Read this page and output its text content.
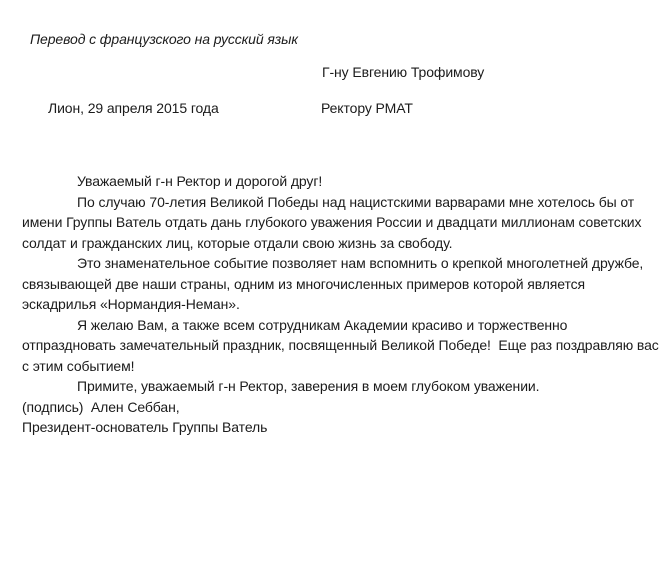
Перевод с французского на русский язык
Г-ну Евгению Трофимову
Лион, 29 апреля 2015 года	Ректору РМАТ

Уважаемый г-н Ректор и дорогой друг!

По случаю 70-летия Великой Победы над нацистскими варварами мне хотелось бы от имени Группы Ватель отдать дань глубокого уважения России и двадцати миллионам советских солдат и гражданских лиц, которые отдали свою жизнь за свободу.

Это знаменательное событие позволяет нам вспомнить о крепкой многолетней дружбе, связывающей две наши страны, одним из многочисленных примеров которой является эскадрилья «Нормандия-Неман».

Я желаю Вам, а также всем сотрудникам Академии красиво и торжественно отпраздновать замечательный праздник, посвященный Великой Победе!  Еще раз поздравляю вас с этим событием!

Примите, уважаемый г-н Ректор, заверения в моем глубоком уважении.

(подпись)  Ален Себбан,

Президент-основатель Группы Ватель
